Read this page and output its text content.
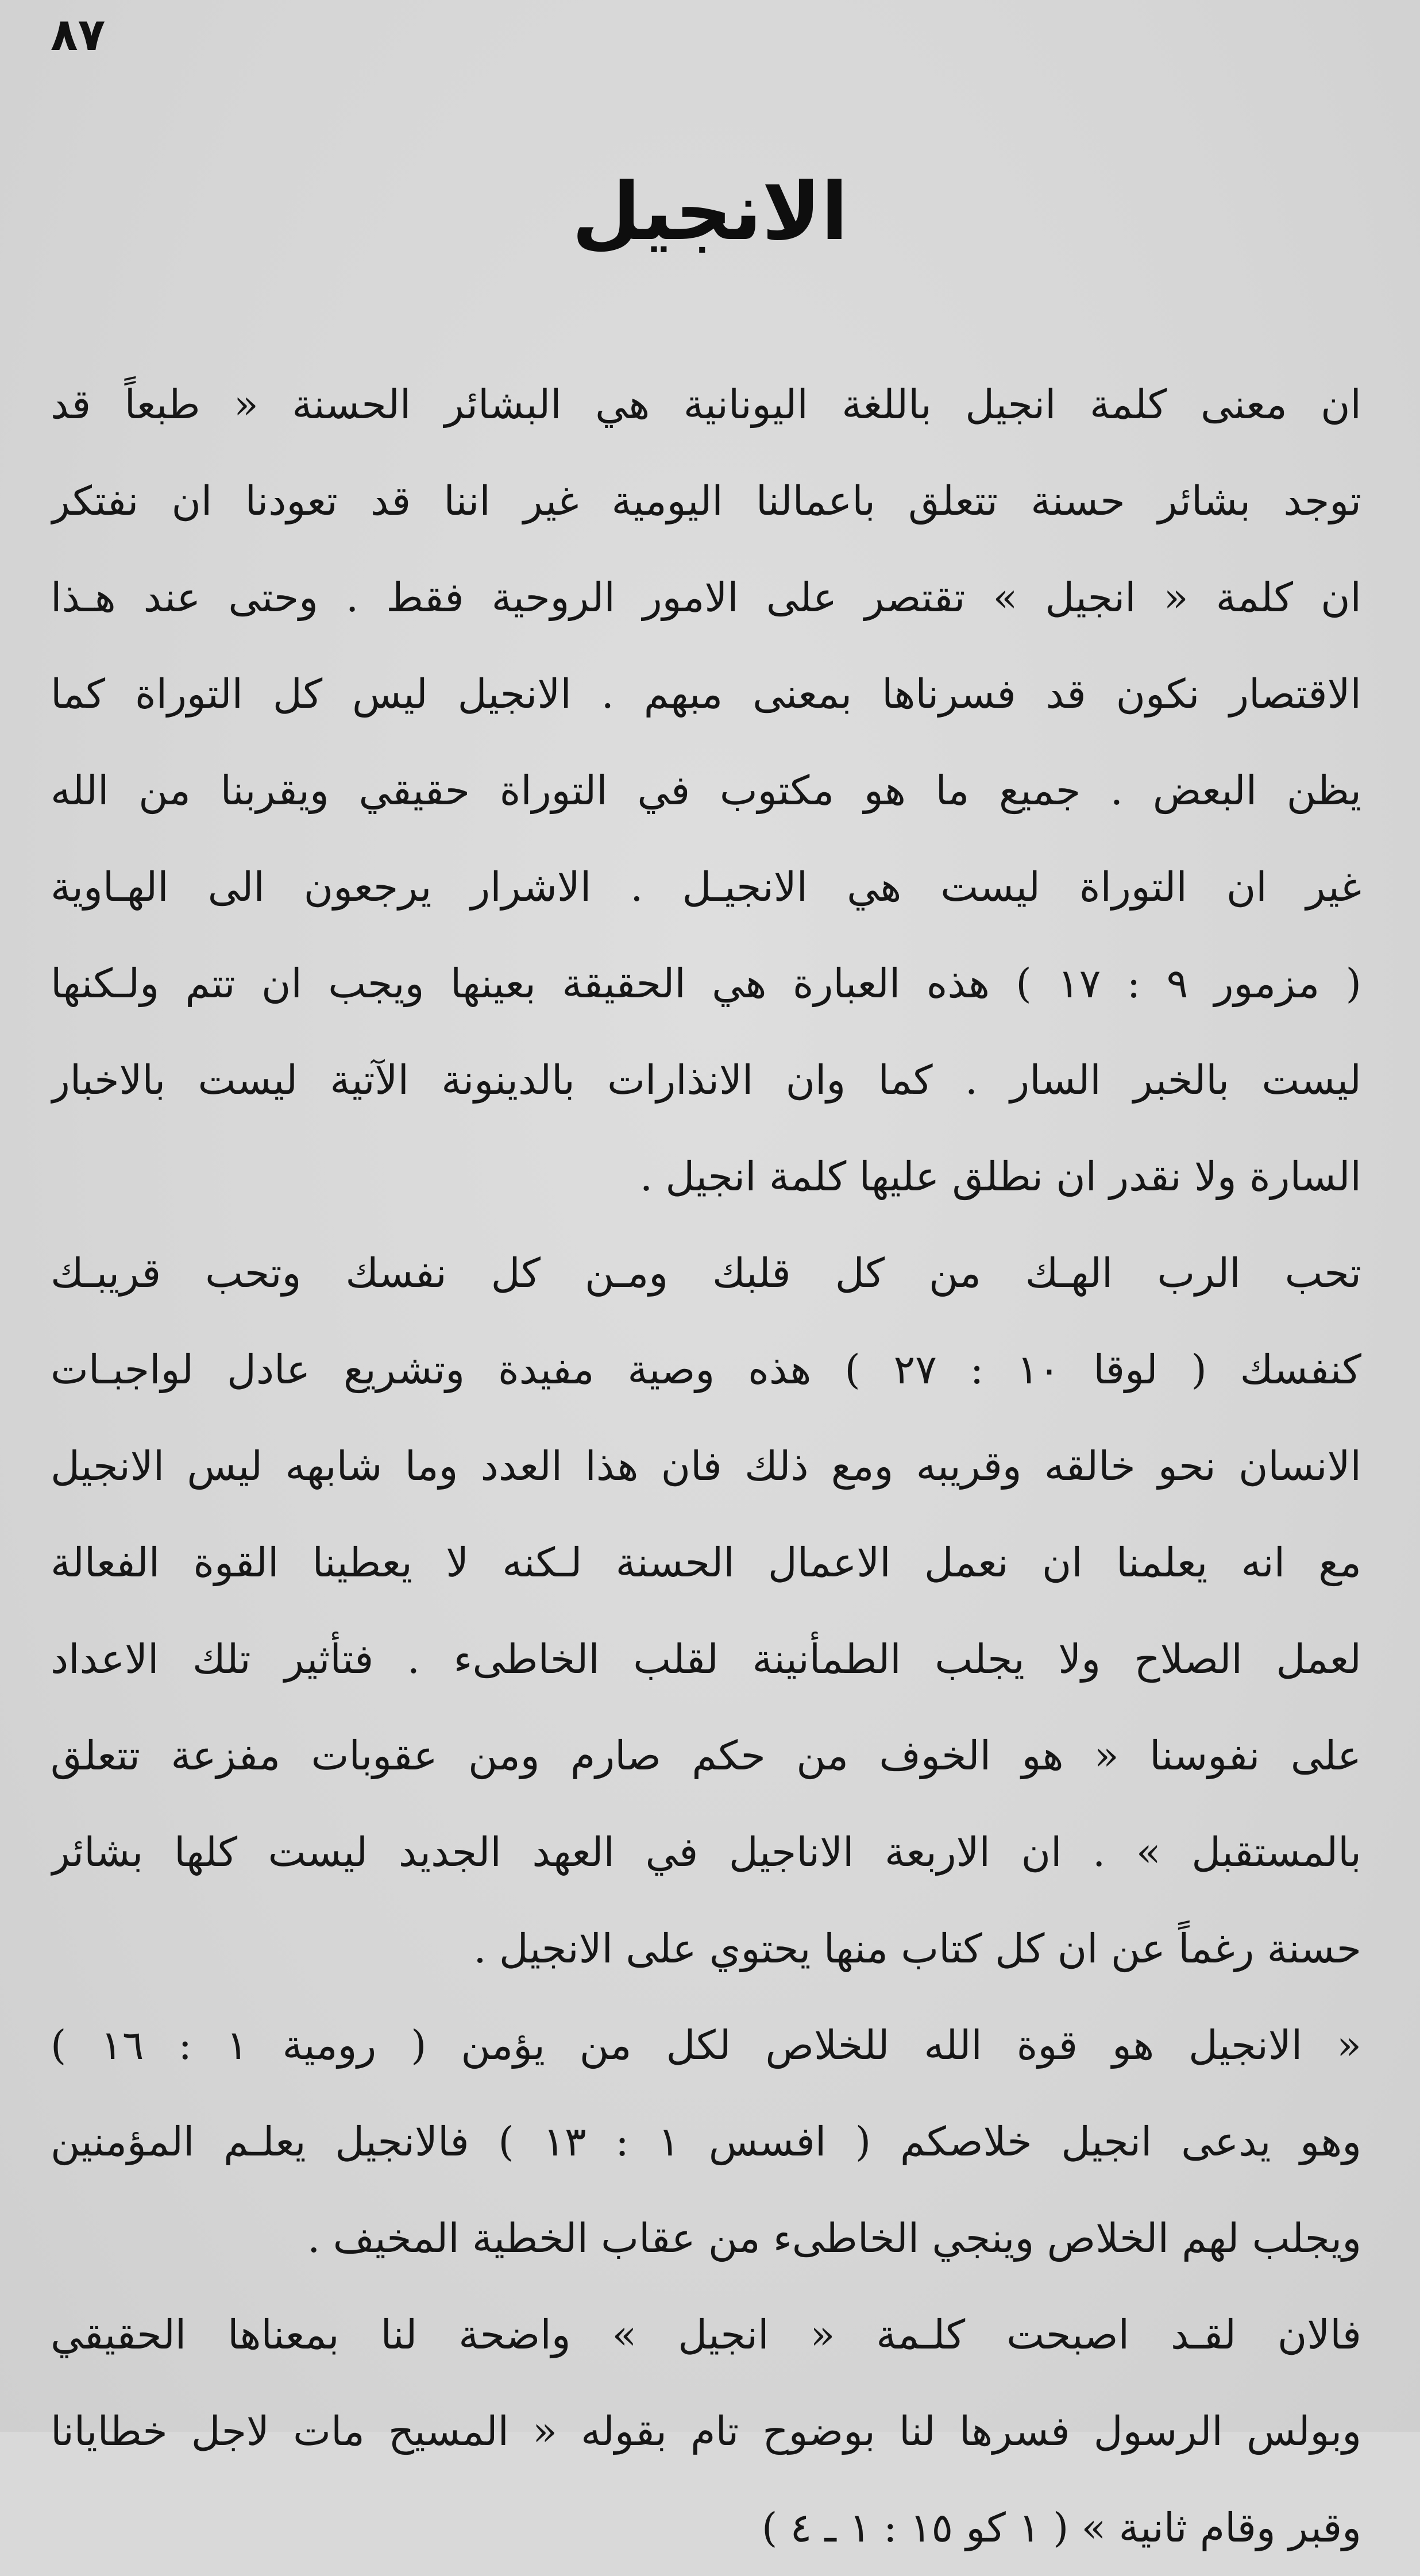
٨٧
الانجيل
ان معنى كلمة انجيل باللغة اليونانية هي البشائر الحسنة « طبعاً قد
توجد بشائر حسنة تتعلق باعمالنا اليومية غير اننا قد تعودنا ان نفتكر
ان كلمة « انجيل » تقتصر على الامور الروحية فقط . وحتى عند هـذا
الاقتصار نكون قد فسرناها بمعنى مبهم . الانجيل ليس كل التوراة كما
يظن البعض . جميع ما هو مكتوب في التوراة حقيقي ويقربنا من الله
غير ان التوراة ليست هي الانجيـل . الاشرار يرجعون الى الهـاوية
( مزمور ٩ : ١٧ ) هذه العبارة هي الحقيقة بعينها ويجب ان تتم ولـكنها
ليست بالخبر السار . كما وان الانذارات بالدينونة الآتية ليست بالاخبار
السارة ولا نقدر ان نطلق عليها كلمة انجيل .
تحب الرب الهـك من كل قلبك ومـن كل نفسك وتحب قريبـك
كنفسك ( لوقا ١٠ : ٢٧ ) هذه وصية مفيدة وتشريع عادل لواجبـات
الانسان نحو خالقه وقريبه ومع ذلك فان هذا العدد وما شابهه ليس الانجيل
مع انه يعلمنا ان نعمل الاعمال الحسنة لـكنه لا يعطينا القوة الفعالة
لعمل الصلاح ولا يجلب الطمأنينة لقلب الخاطىء . فتأثير تلك الاعداد
على نفوسنا « هو الخوف من حكم صارم ومن عقوبات مفزعة تتعلق
بالمستقبل » . ان الاربعة الاناجيل في العهد الجديد ليست كلها بشائر
حسنة رغماً عن ان كل كتاب منها يحتوي على الانجيل .
« الانجيل هو قوة الله للخلاص لكل من يؤمن ( رومية ١ : ١٦ )
وهو يدعى انجيل خلاصكم ( افسس ١ : ١٣ ) فالانجيل يعلـم المؤمنين
ويجلب لهم الخلاص وينجي الخاطىء من عقاب الخطية المخيف .
فالان لقـد اصبحت كلـمة « انجيل » واضحة لنا بمعناها الحقيقي
وبولس الرسول فسرها لنا بوضوح تام بقوله « المسيح مات لاجل خطايانا
وقبر وقام ثانية » ( ١ كو ١٥ : ١ ـ ٤ )
